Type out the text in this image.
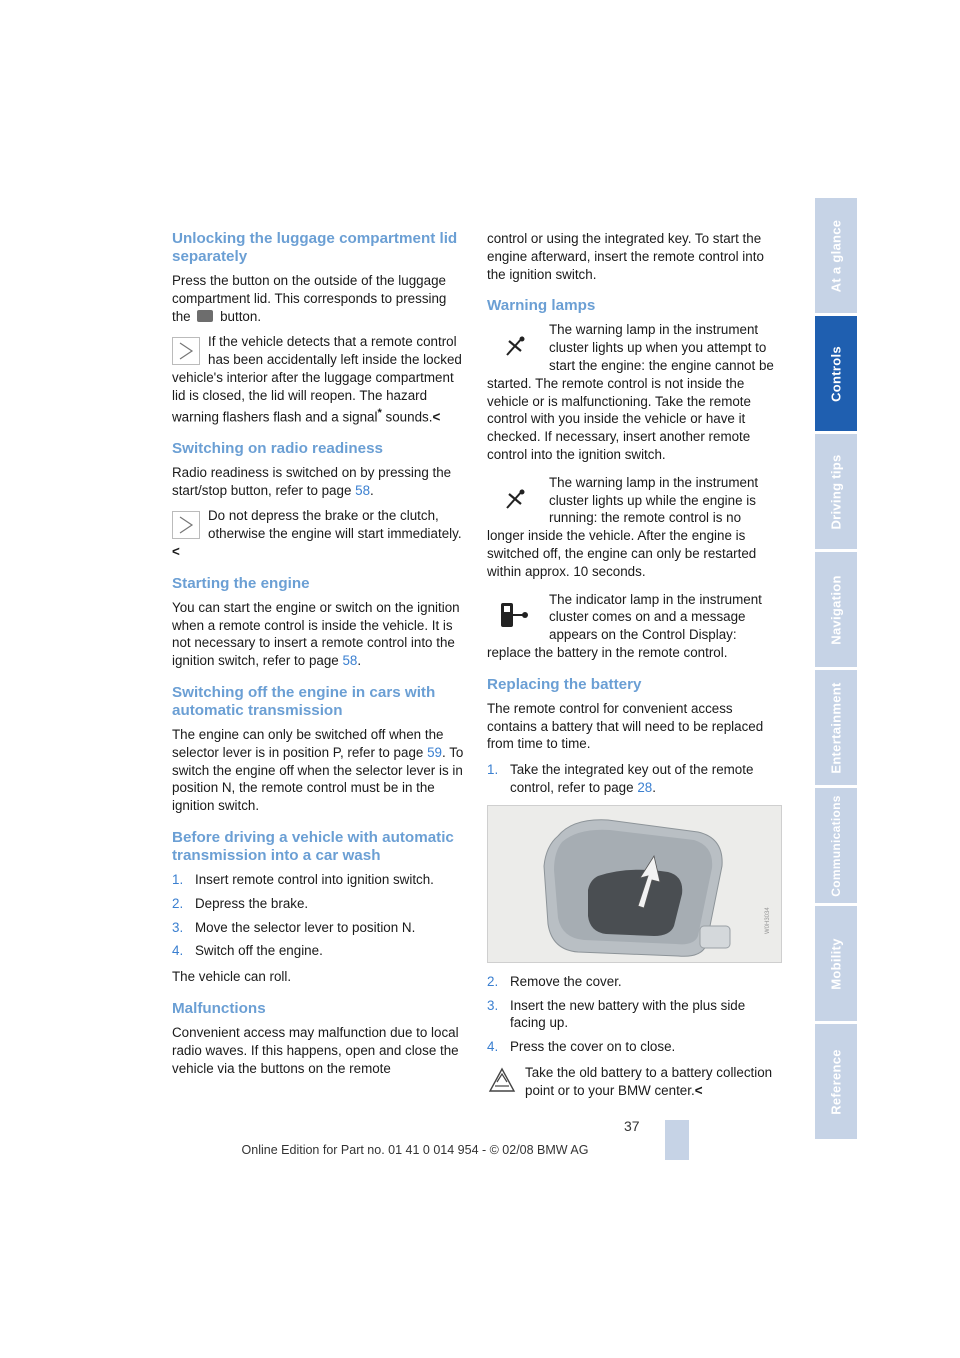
Unlocking the luggage compartment lid separately

Press the button on the outside of the luggage compartment lid. This corresponds to pressing the button.

If the vehicle detects that a remote control has been accidentally left inside the locked vehicle's interior after the luggage compartment lid is closed, the lid will reopen. The hazard warning flashers flash and a signal* sounds.<

Switching on radio readiness

Radio readiness is switched on by pressing the start/stop button, refer to page 58.

Do not depress the brake or the clutch, otherwise the engine will start immediately.<

Starting the engine

You can start the engine or switch on the ignition when a remote control is inside the vehicle. It is not necessary to insert a remote control into the ignition switch, refer to page 58.

Switching off the engine in cars with automatic transmission

The engine can only be switched off when the selector lever is in position P, refer to page 59. To switch the engine off when the selector lever is in position N, the remote control must be in the ignition switch.

Before driving a vehicle with automatic transmission into a car wash
1. Insert remote control into ignition switch.
2. Depress the brake.
3. Move the selector lever to position N.
4. Switch off the engine.

The vehicle can roll.

Malfunctions

Convenient access may malfunction due to local radio waves. If this happens, open and close the vehicle via the buttons on the remote

control or using the integrated key. To start the engine afterward, insert the remote control into the ignition switch.

Warning lamps
The warning lamp in the instrument cluster lights up when you attempt to start the engine: the engine cannot be started. The remote control is not inside the vehicle or is malfunctioning. Take the remote control with you inside the vehicle or have it checked. If necessary, insert another remote control into the ignition switch.
The warning lamp in the instrument cluster lights up while the engine is running: the remote control is no longer inside the vehicle. After the engine is switched off, the engine can only be restarted within approx. 10 seconds.
The indicator lamp in the instrument cluster comes on and a message appears on the Control Display: replace the battery in the remote control.
Replacing the battery

The remote control for convenient access contains a battery that will need to be replaced from time to time.

1. Take the integrated key out of the remote control, refer to page 28.
W0H3034
2. Remove the cover.
3. Insert the new battery with the plus side facing up.
4. Press the cover on to close.
Take the old battery to a battery collection point or to your BMW center.<
At a glance
Controls
Driving tips
Navigation
Entertainment
Communications
Mobility
Reference
37
Online Edition for Part no. 01 41 0 014 954 - © 02/08 BMW AG
